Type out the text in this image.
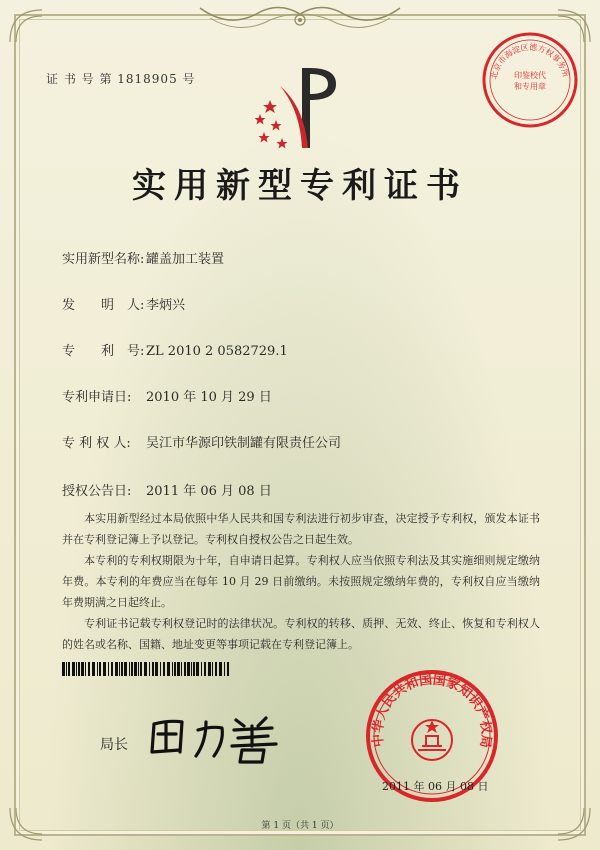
证 书 号 第 1818905 号	北京市海淀区德方权事务所
印鉴校代和专用章
实用新型专利证书
实用新型名称: 罐盖加工装置
发　　明　人: 李炳兴
专　　利　号: ZL 2010 2 0582729.1
专利申请日: 2010 年 10 月 29 日
专 利 权 人: 吴江市华源印铁制罐有限责任公司
授权公告日: 2011 年 06 月 08 日

本实用新型经过本局依照中华人民共和国专利法进行初步审查，决定授予专利权，颁发本证书并在专利登记簿上予以登记。专利权自授权公告之日起生效。

本专利的专利权期限为十年，自申请日起算。专利权人应当依照专利法及其实施细则规定缴纳年费。本专利的年费应当在每年 10 月 29 日前缴纳。未按照规定缴纳年费的，专利权自应当缴纳年费期满之日起终止。

专利证书记载专利权登记时的法律状况。专利权的转移、质押、无效、终止、恢复和专利权人的姓名或名称、国籍、地址变更等事项记载在专利登记簿上。

局长	中华人民共和国国家知识产权局
2011 年 06 月 08 日
第 1 页（共 1 页）
